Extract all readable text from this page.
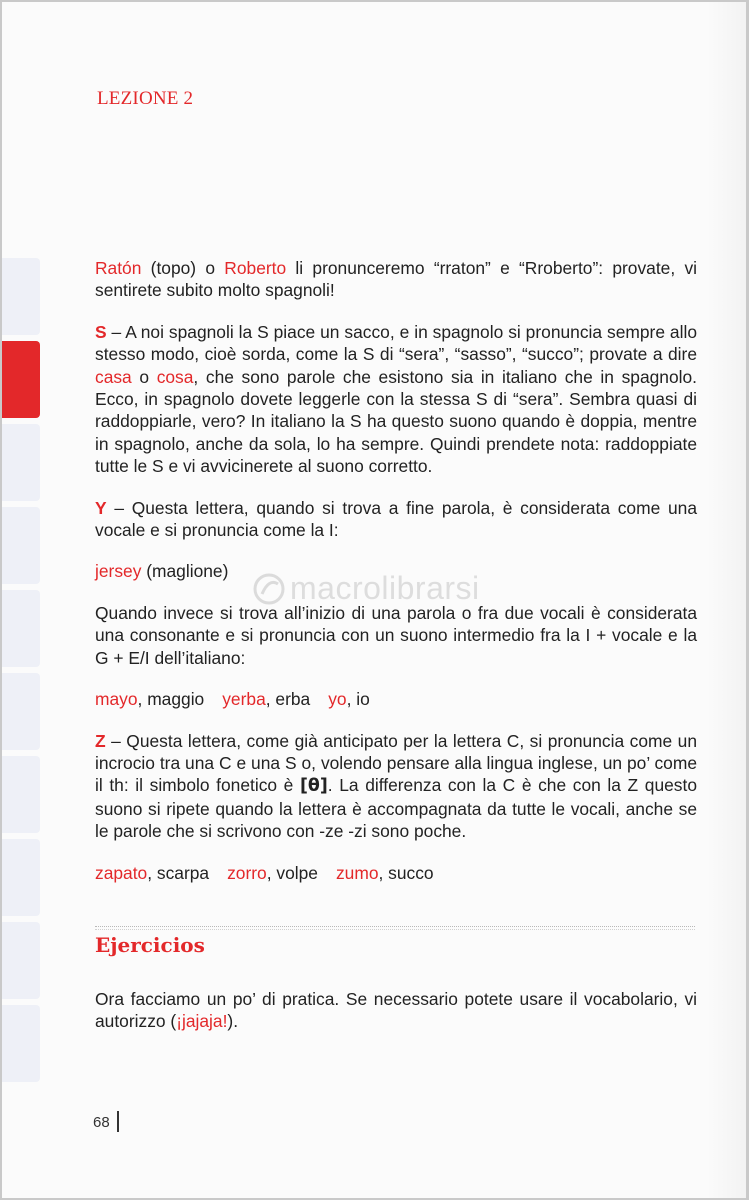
LEZIONE 2
macrolibrarsi

Ratón (topo) o Roberto li pronunceremo “rraton” e “Rroberto”: provate, vi sentirete subito molto spagnoli!

S – A noi spagnoli la S piace un sacco, e in spagnolo si pronuncia sempre allo stesso modo, cioè sorda, come la S di “sera”, “sasso”, “succo”; provate a dire casa o cosa, che sono parole che esistono sia in italiano che in spagnolo. Ecco, in spagnolo dovete leggerle con la stessa S di “sera”. Sembra quasi di raddoppiarle, vero? In italiano la S ha questo suono quando è doppia, mentre in spagnolo, anche da sola, lo ha sempre. Quindi prendete nota: raddoppiate tutte le S e vi avvicinerete al suono corretto.

Y – Questa lettera, quando si trova a fine parola, è considerata come una vocale e si pronuncia come la I:

jersey (maglione)

Quando invece si trova all’inizio di una parola o fra due vocali è considerata una consonante e si pronuncia con un suono intermedio fra la I + vocale e la G + E/I dell’italiano:

mayo, maggio yerba, erba yo, io

Z – Questa lettera, come già anticipato per la lettera C, si pronuncia come un incrocio tra una C e una S o, volendo pensare alla lingua inglese, un po’ come il th: il simbolo fonetico è [θ]. La differenza con la C è che con la Z questo suono si ripete quando la lettera è accompagnata da tutte le vocali, anche se le parole che si scrivono con -ze -zi sono poche.

zapato, scarpa zorro, volpe zumo, succo

Ejercicios
Ora facciamo un po’ di pratica. Se necessario potete usare il vocabolario, vi autorizzo (¡jajaja!).
68
